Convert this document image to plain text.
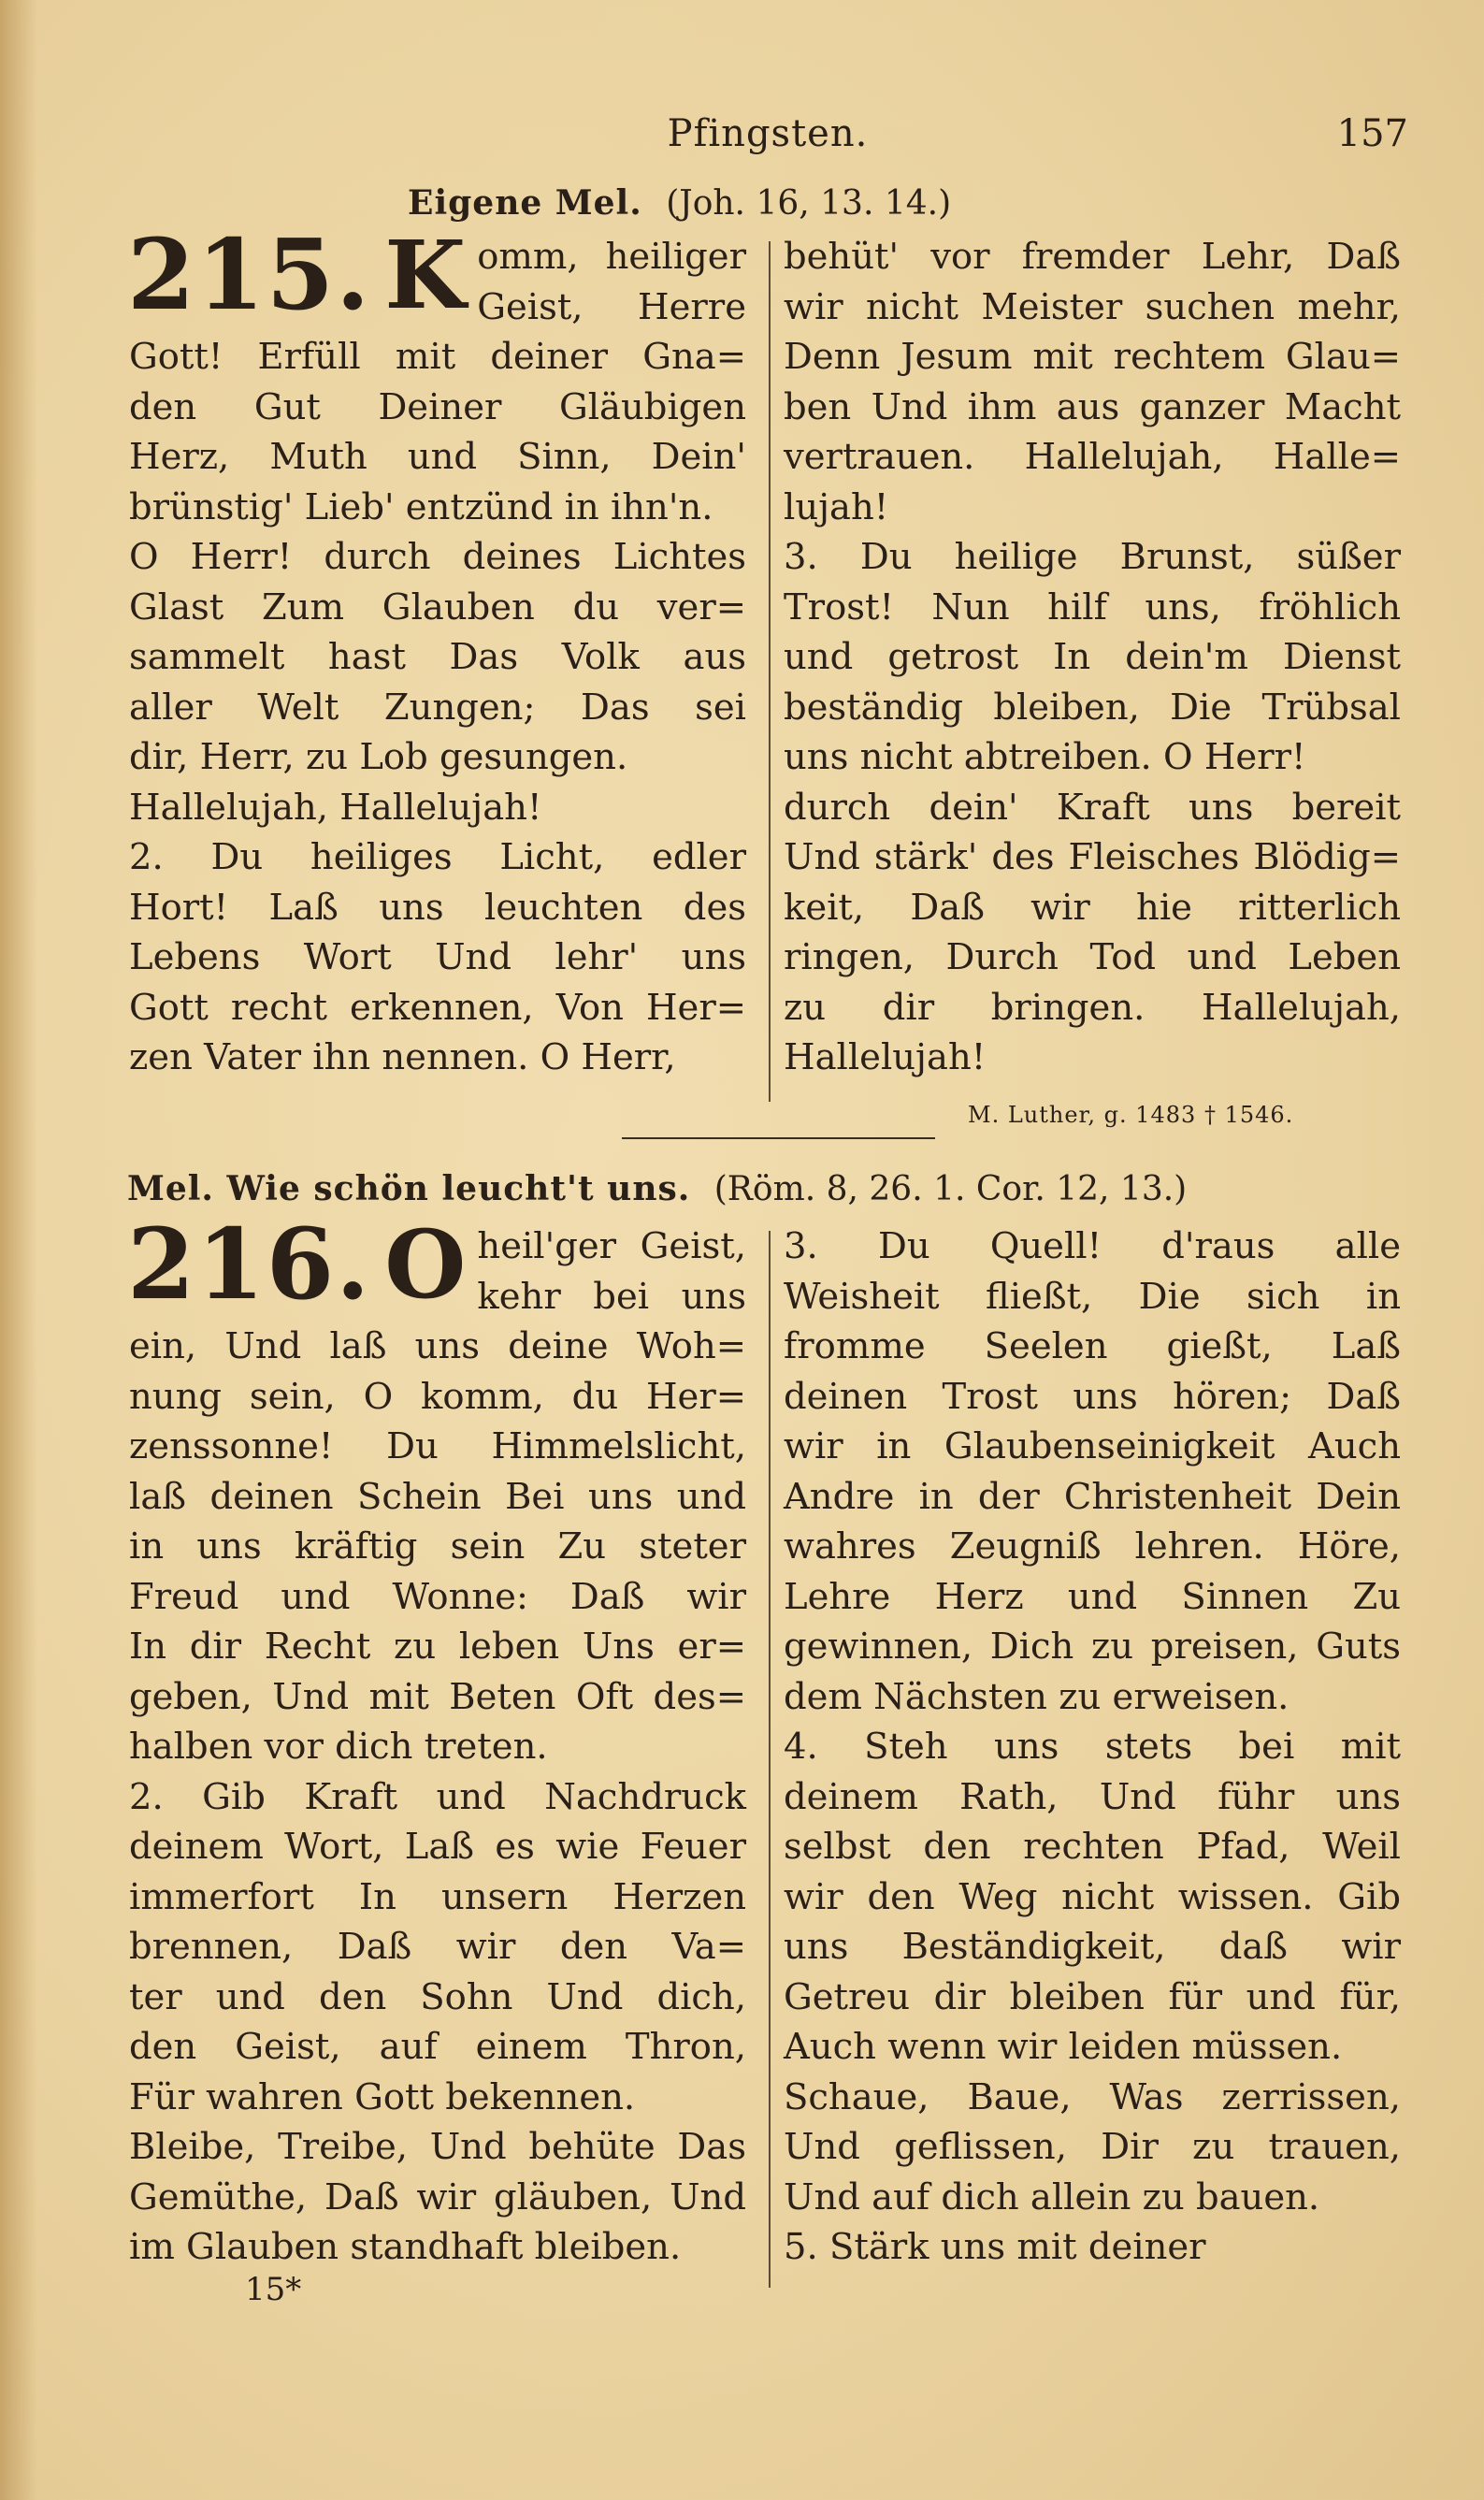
Pfingsten.	157
Eigene Mel. (Joh. 16, 13. 14.)
215. K omm, heiliger
Geist, Herre
Gott! Erfüll mit deiner Gna=
den Gut Deiner Gläubigen
Herz, Muth und Sinn, Dein'
brünstig' Lieb' entzünd in ihn'n.
O Herr! durch deines Lichtes
Glast Zum Glauben du ver=
sammelt hast Das Volk aus
aller Welt Zungen; Das sei
dir, Herr, zu Lob gesungen.
Hallelujah, Hallelujah!
2. Du heiliges Licht, edler
Hort! Laß uns leuchten des
Lebens Wort Und lehr' uns
Gott recht erkennen, Von Her=
zen Vater ihn nennen. O Herr,
behüt' vor fremder Lehr, Daß
wir nicht Meister suchen mehr,
Denn Jesum mit rechtem Glau=
ben Und ihm aus ganzer Macht
vertrauen. Hallelujah, Halle=
lujah!
3. Du heilige Brunst, süßer
Trost! Nun hilf uns, fröhlich
und getrost In dein'm Dienst
beständig bleiben, Die Trübsal
uns nicht abtreiben. O Herr!
durch dein' Kraft uns bereit
Und stärk' des Fleisches Blödig=
keit, Daß wir hie ritterlich
ringen, Durch Tod und Leben
zu dir bringen. Hallelujah,
Hallelujah!
M. Luther, g. 1483 † 1546.
Mel. Wie schön leucht't uns. (Röm. 8, 26. 1. Cor. 12, 13.)
216. O heil'ger Geist,
kehr bei uns
ein, Und laß uns deine Woh=
nung sein, O komm, du Her=
zenssonne! Du Himmelslicht,
laß deinen Schein Bei uns und
in uns kräftig sein Zu steter
Freud und Wonne: Daß wir
In dir Recht zu leben Uns er=
geben, Und mit Beten Oft des=
halben vor dich treten.
2. Gib Kraft und Nachdruck
deinem Wort, Laß es wie Feuer
immerfort In unsern Herzen
brennen, Daß wir den Va=
ter und den Sohn Und dich,
den Geist, auf einem Thron,
Für wahren Gott bekennen.
Bleibe, Treibe, Und behüte Das
Gemüthe, Daß wir gläuben, Und
im Glauben standhaft bleiben.
3. Du Quell! d'raus alle
Weisheit fließt, Die sich in
fromme Seelen gießt, Laß
deinen Trost uns hören; Daß
wir in Glaubenseinigkeit Auch
Andre in der Christenheit Dein
wahres Zeugniß lehren. Höre,
Lehre Herz und Sinnen Zu
gewinnen, Dich zu preisen, Guts
dem Nächsten zu erweisen.
4. Steh uns stets bei mit
deinem Rath, Und führ uns
selbst den rechten Pfad, Weil
wir den Weg nicht wissen. Gib
uns Beständigkeit, daß wir
Getreu dir bleiben für und für,
Auch wenn wir leiden müssen.
Schaue, Baue, Was zerrissen,
Und geflissen, Dir zu trauen,
Und auf dich allein zu bauen.
5. Stärk uns mit deiner
15*
